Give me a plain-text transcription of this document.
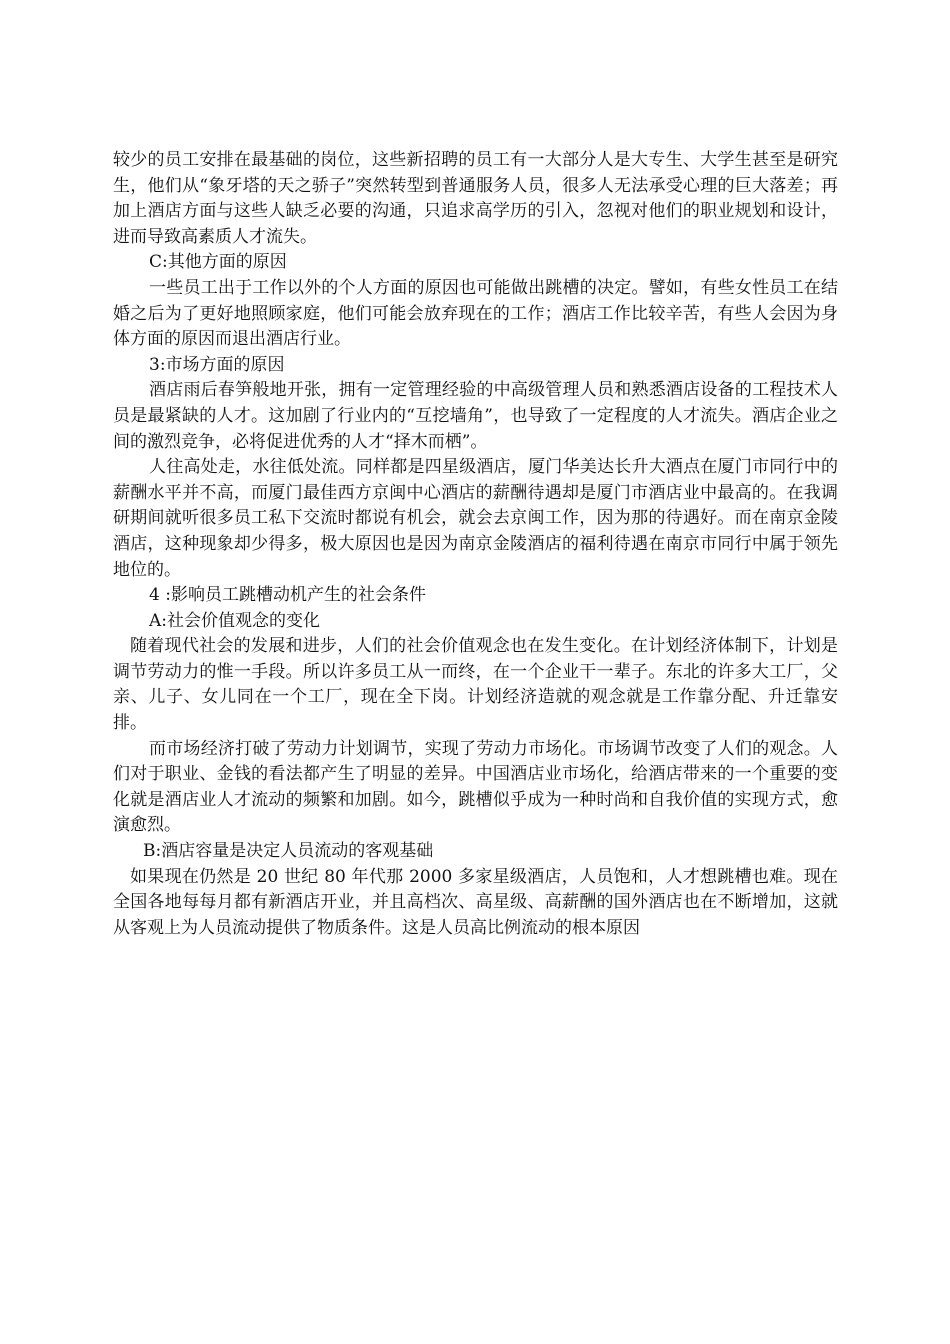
较少的员工安排在最基础的岗位，这些新招聘的员工有一大部分人是大专生、大学生甚至是研究生，他们从“象牙塔的天之骄子”突然转型到普通服务人员，很多人无法承受心理的巨大落差；再加上酒店方面与这些人缺乏必要的沟通，只追求高学历的引入，忽视对他们的职业规划和设计，进而导致高素质人才流失。

C:其他方面的原因

一些员工出于工作以外的个人方面的原因也可能做出跳槽的决定。譬如，有些女性员工在结婚之后为了更好地照顾家庭，他们可能会放弃现在的工作；酒店工作比较辛苦，有些人会因为身体方面的原因而退出酒店行业。

3:市场方面的原因

酒店雨后春笋般地开张，拥有一定管理经验的中高级管理人员和熟悉酒店设备的工程技术人员是最紧缺的人才。这加剧了行业内的“互挖墙角”，也导致了一定程度的人才流失。酒店企业之间的激烈竞争，必将促进优秀的人才“择木而栖”。

人往高处走，水往低处流。同样都是四星级酒店，厦门华美达长升大酒点在厦门市同行中的薪酬水平并不高，而厦门最佳西方京闽中心酒店的薪酬待遇却是厦门市酒店业中最高的。在我调研期间就听很多员工私下交流时都说有机会，就会去京闽工作，因为那的待遇好。而在南京金陵酒店，这种现象却少得多，极大原因也是因为南京金陵酒店的福利待遇在南京市同行中属于领先地位的。

4 :影响员工跳槽动机产生的社会条件

A:社会价值观念的变化

随着现代社会的发展和进步，人们的社会价值观念也在发生变化。在计划经济体制下，计划是调节劳动力的惟一手段。所以许多员工从一而终，在一个企业干一辈子。东北的许多大工厂，父亲、儿子、女儿同在一个工厂，现在全下岗。计划经济造就的观念就是工作靠分配、升迁靠安排。

而市场经济打破了劳动力计划调节，实现了劳动力市场化。市场调节改变了人们的观念。人们对于职业、金钱的看法都产生了明显的差异。中国酒店业市场化，给酒店带来的一个重要的变化就是酒店业人才流动的频繁和加剧。如今，跳槽似乎成为一种时尚和自我价值的实现方式，愈演愈烈。

B:酒店容量是决定人员流动的客观基础

如果现在仍然是 20 世纪 80 年代那 2000 多家星级酒店，人员饱和，人才想跳槽也难。现在全国各地每每月都有新酒店开业，并且高档次、高星级、高薪酬的国外酒店也在不断增加，这就从客观上为人员流动提供了物质条件。这是人员高比例流动的根本原因
